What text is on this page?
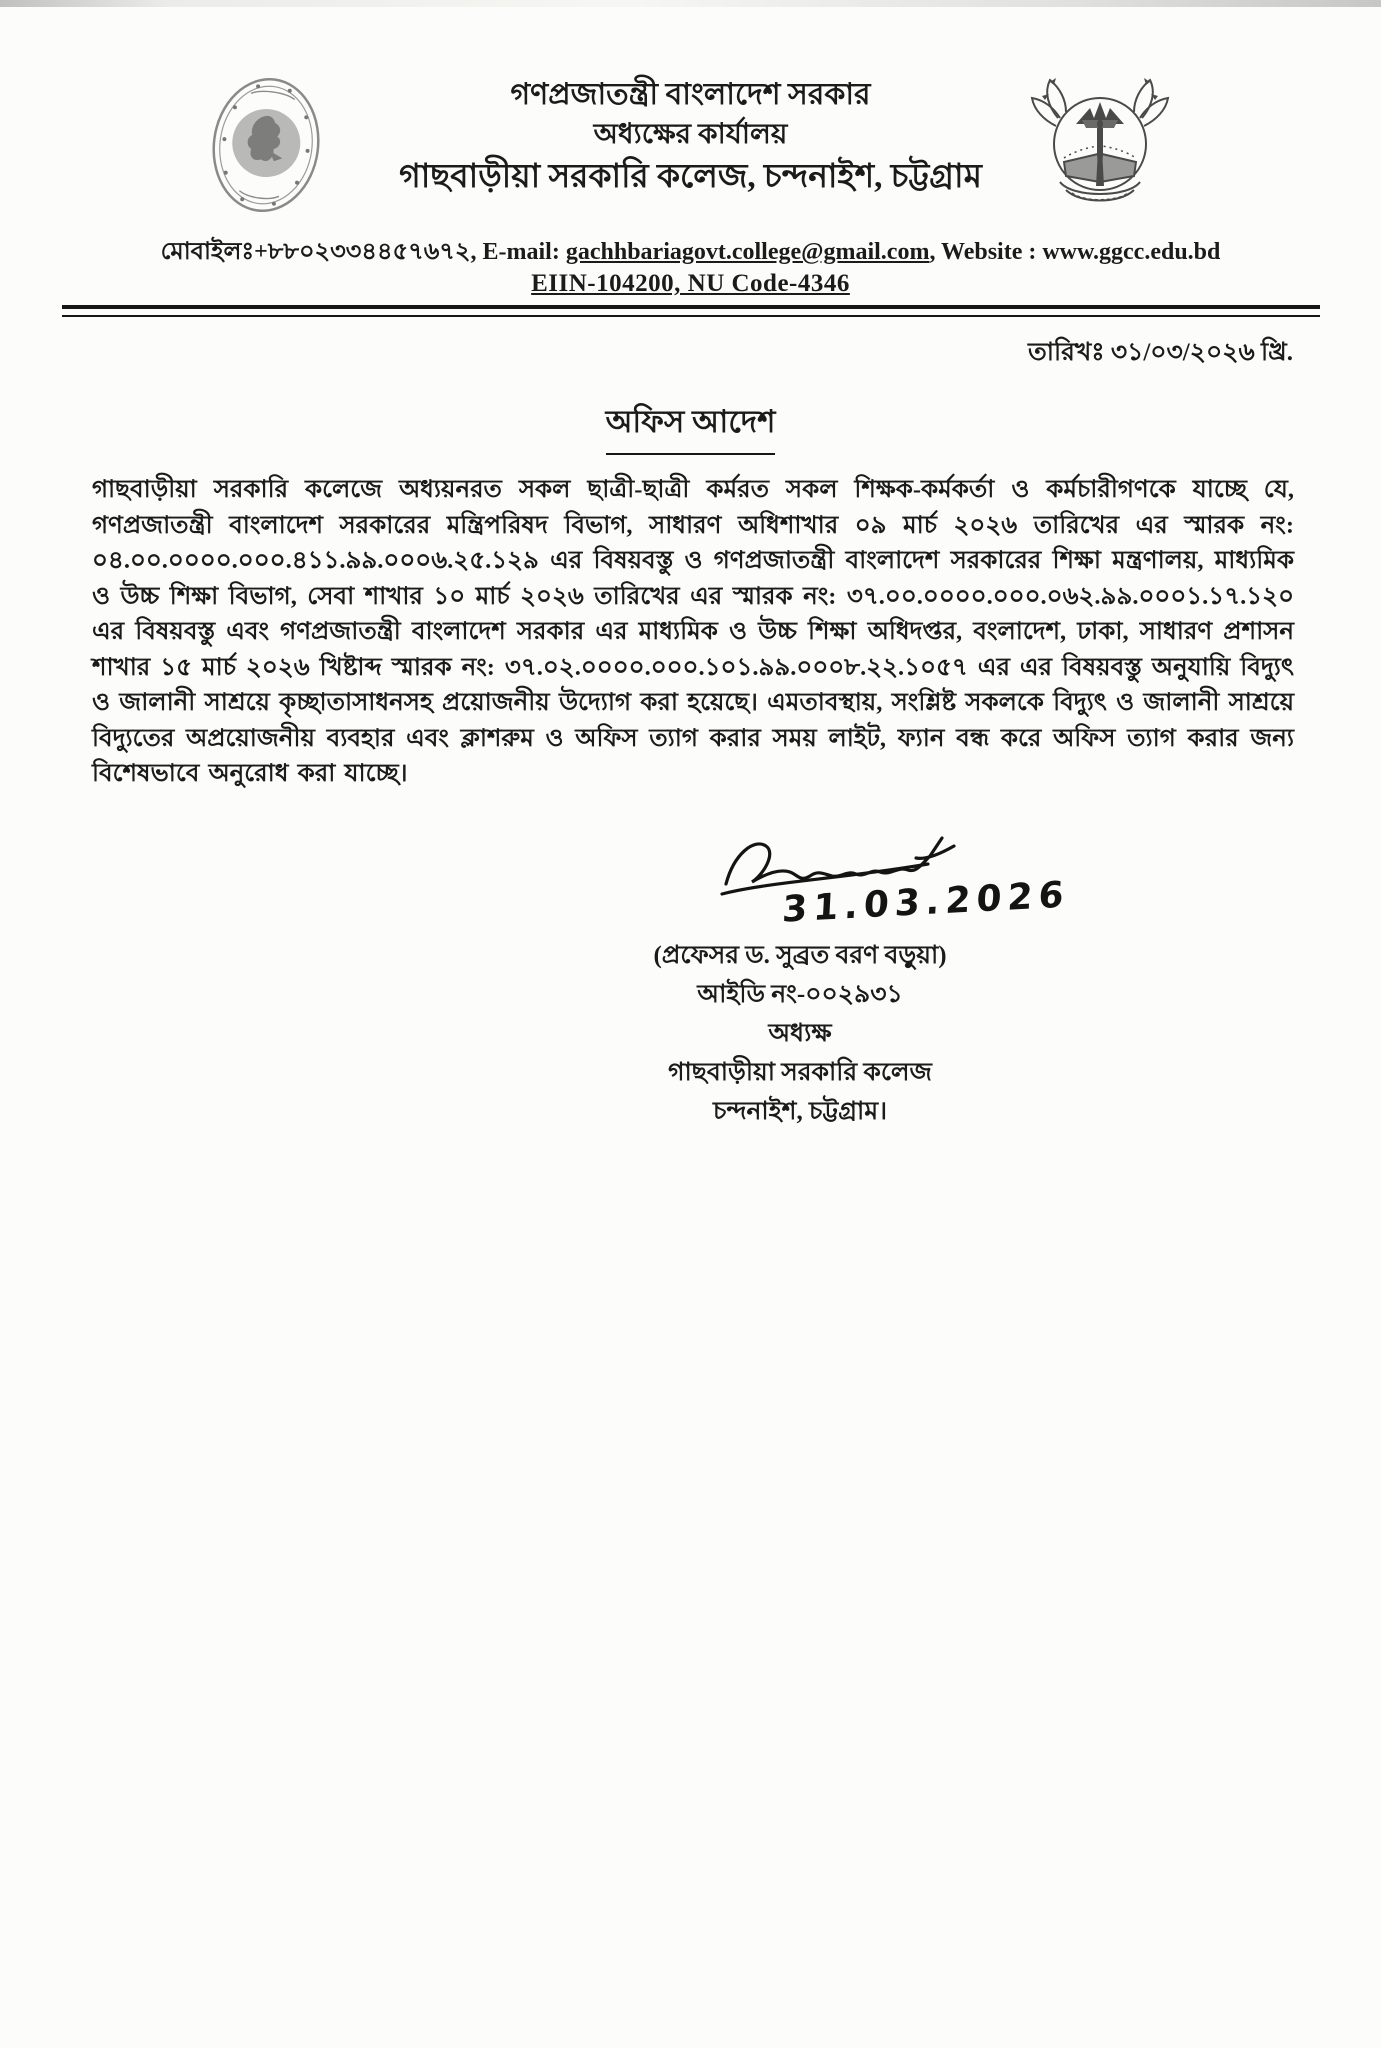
গণপ্রজাতন্ত্রী বাংলাদেশ সরকার
অধ্যক্ষের কার্যালয়
গাছবাড়ীয়া সরকারি কলেজ, চন্দনাইশ, চট্টগ্রাম
মোবাইলঃ+৮৮০২৩৩৪৪৫৭৬৭২, E-mail: gachhbariagovt.college@gmail.com, Website : www.ggcc.edu.bd
EIIN-104200, NU Code-4346
তারিখঃ ৩১/০৩/২০২৬ খ্রি.
অফিস আদেশ
গাছবাড়ীয়া সরকারি কলেজে অধ্যয়নরত সকল ছাত্রী-ছাত্রী কর্মরত সকল শিক্ষক-কর্মকর্তা ও কর্মচারীগণকে যাচ্ছে যে, গণপ্রজাতন্ত্রী বাংলাদেশ সরকারের মন্ত্রিপরিষদ বিভাগ, সাধারণ অধিশাখার ০৯ মার্চ ২০২৬ তারিখের এর স্মারক নং: ০৪.০০.০০০০.০০০.৪১১.৯৯.০০০৬.২৫.১২৯ এর বিষয়বস্তু ও গণপ্রজাতন্ত্রী বাংলাদেশ সরকারের শিক্ষা মন্ত্রণালয়, মাধ্যমিক ও উচ্চ শিক্ষা বিভাগ, সেবা শাখার ১০ মার্চ ২০২৬ তারিখের এর স্মারক নং: ৩৭.০০.০০০০.০০০.০৬২.৯৯.০০০১.১৭.১২০ এর বিষয়বস্তু এবং গণপ্রজাতন্ত্রী বাংলাদেশ সরকার এর মাধ্যমিক ও উচ্চ শিক্ষা অধিদপ্তর, বংলাদেশ, ঢাকা, সাধারণ প্রশাসন শাখার ১৫ মার্চ ২০২৬ খিষ্টাব্দ স্মারক নং: ৩৭.০২.০০০০.০০০.১০১.৯৯.০০০৮.২২.১০৫৭ এর এর বিষয়বস্তু অনুযায়ি বিদ্যুৎ ও জালানী সাশ্রয়ে কৃচ্ছাতাসাধনসহ প্রয়োজনীয় উদ্যোগ করা হয়েছে। এমতাবস্থায়, সংশ্লিষ্ট সকলকে বিদ্যুৎ ও জালানী সাশ্রয়ে বিদ্যুতের অপ্রয়োজনীয় ব্যবহার এবং ক্লাশরুম ও অফিস ত্যাগ করার সময় লাইট, ফ্যান বন্ধ করে অফিস ত্যাগ করার জন্য বিশেষভাবে অনুরোধ করা যাচ্ছে।
31.03.2026
(প্রফেসর ড. সুব্রত বরণ বড়ুয়া)
আইডি নং-০০২৯৩১
অধ্যক্ষ
গাছবাড়ীয়া সরকারি কলেজ
চন্দনাইশ, চট্টগ্রাম।
